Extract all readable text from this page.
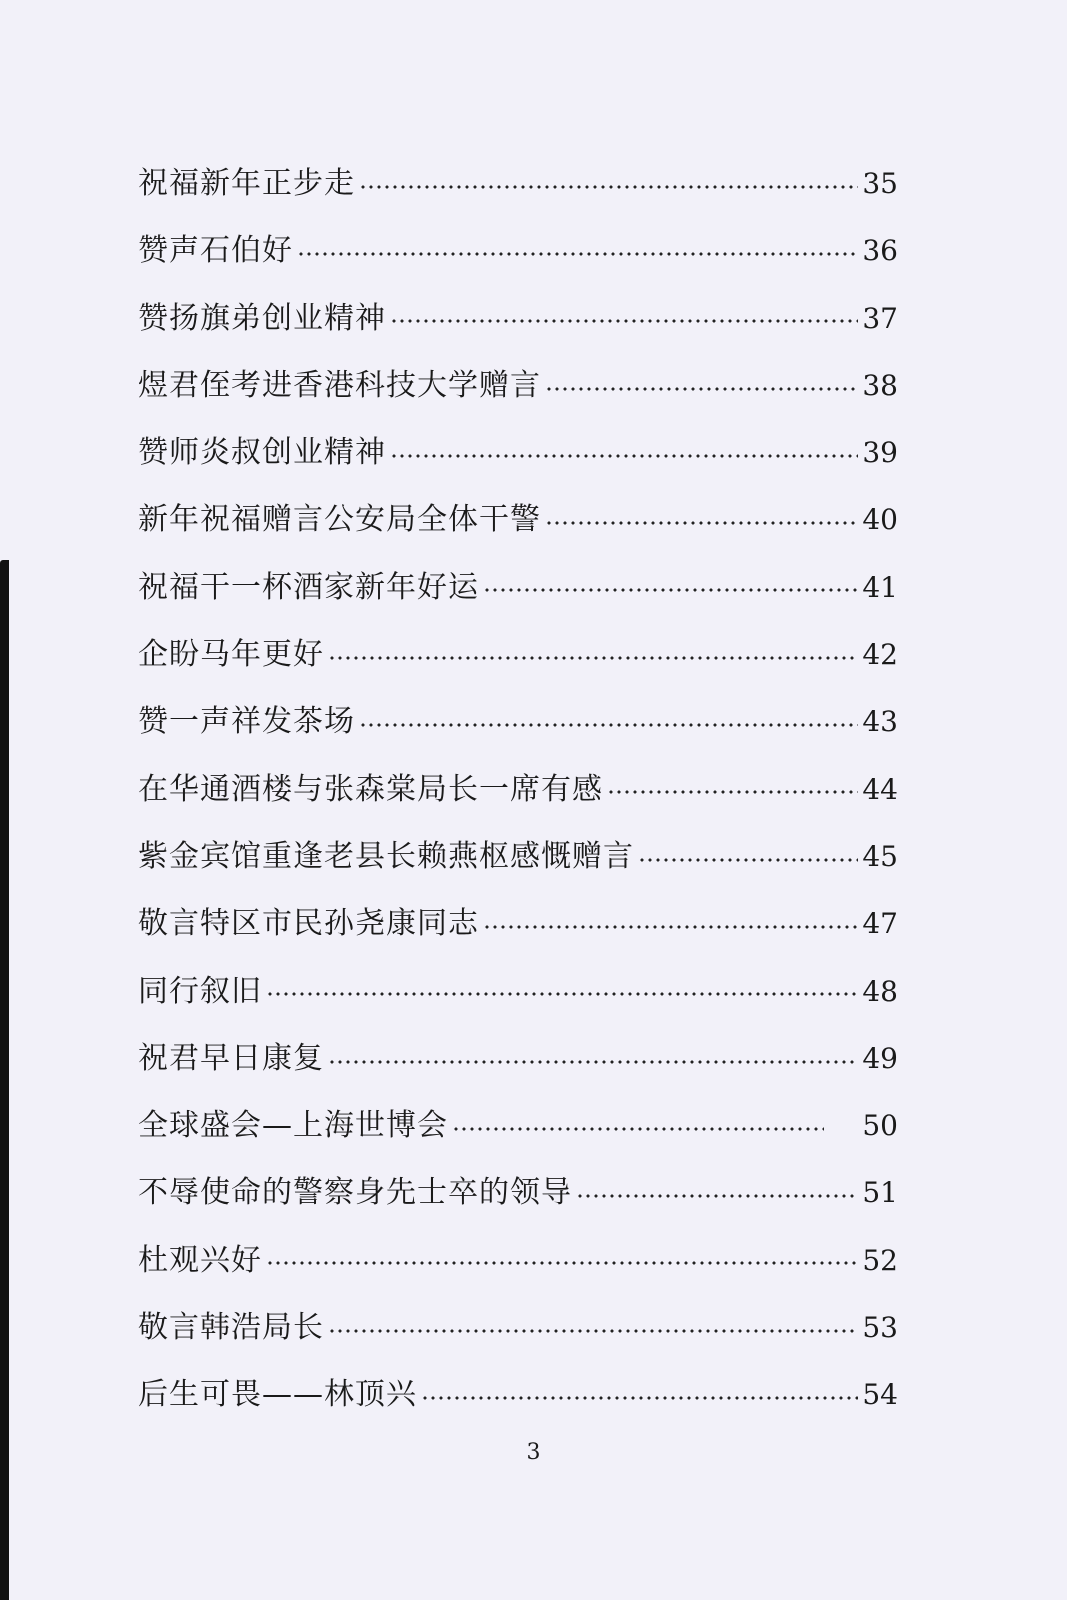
祝福新年正步走	35
赞声石伯好	36
赞扬旗弟创业精神	37
煜君侄考进香港科技大学赠言	38
赞师炎叔创业精神	39
新年祝福赠言公安局全体干警	40
祝福干一杯酒家新年好运	41
企盼马年更好	42
赞一声祥发茶场	43
在华通酒楼与张森棠局长一席有感	44
紫金宾馆重逢老县长赖燕枢感慨赠言	45
敬言特区市民孙尧康同志	47
同行叙旧	48
祝君早日康复	49
全球盛会—上海世博会	50
不辱使命的警察身先士卒的领导	51
杜观兴好	52
敬言韩浩局长	53
后生可畏——林顶兴	54
3
